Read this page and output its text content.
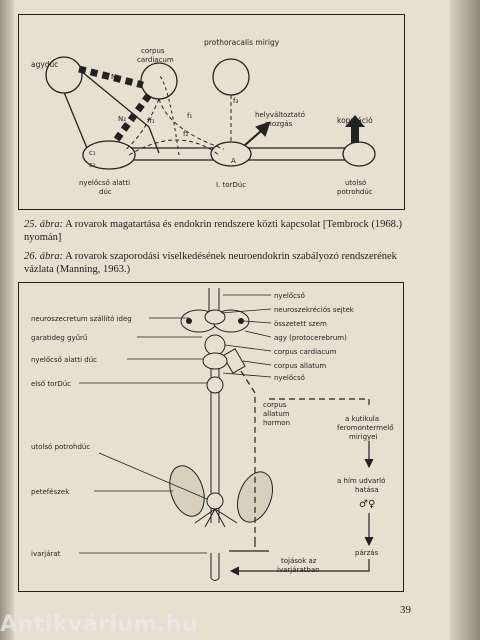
prothoracalis mirigy
corpus
cardiacum
agydúc
N₁
N₂	f₁
f₂
f₃
ff₁
c₁
c₂	A
helyváltoztató
mozgás	kopuláció
nyelőcső alatti
dúc
I. torDúc	utolsó
potrohdúc
25. ábra: A rovarok magatartása és endokrin rendszere közti kapcsolat [Tembrock (1968.) nyomán]
26. ábra: A rovarok szaporodási viselkedésének neuroendokrin szabályozó rendszerének vázlata (Manning, 1963.)
neuroszecretum szállító ideg
garatideg gyűrű
nyelőcső alatti dúc
első torDúc
utolsó potrohdúc
petefészek
ivarjárat
nyelőcső
neuroszekréciós sejtek
összetett szem
agy (protocerebrum)
corpus cardiacum
corpus allatum
nyelőcső
corpus
allatum
hormon	a kutikula
feromontermelő
mirigyei
a hím udvarló
hatása
♂♀
párzás
tojások az
ivarjáratban
39
Antikvárium.hu
